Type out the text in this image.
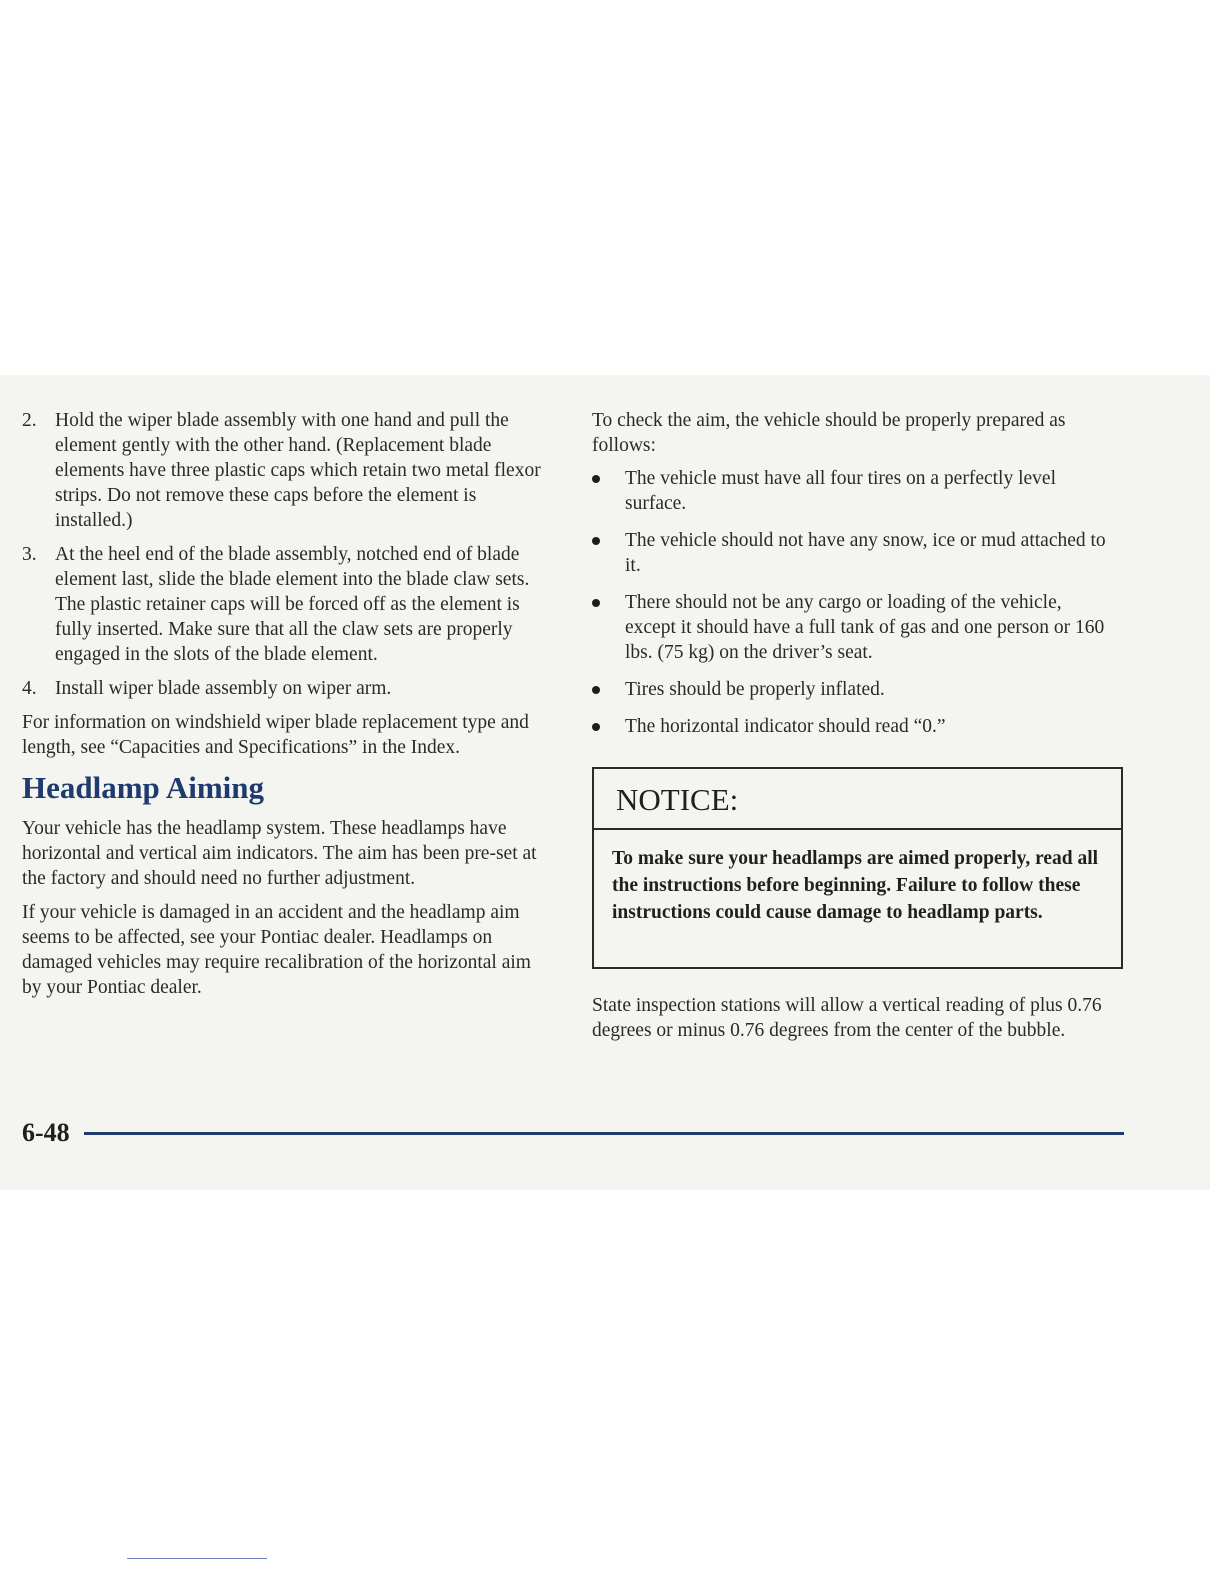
2. Hold the wiper blade assembly with one hand and pull the element gently with the other hand. (Replacement blade elements have three plastic caps which retain two metal flexor strips. Do not remove these caps before the element is installed.)
3. At the heel end of the blade assembly, notched end of blade element last, slide the blade element into the blade claw sets. The plastic retainer caps will be forced off as the element is fully inserted. Make sure that all the claw sets are properly engaged in the slots of the blade element.
4. Install wiper blade assembly on wiper arm.

For information on windshield wiper blade replacement type and length, see “Capacities and Specifications” in the Index.

Headlamp Aiming

Your vehicle has the headlamp system. These headlamps have horizontal and vertical aim indicators. The aim has been pre-set at the factory and should need no further adjustment.

If your vehicle is damaged in an accident and the headlamp aim seems to be affected, see your Pontiac dealer. Headlamps on damaged vehicles may require recalibration of the horizontal aim by your Pontiac dealer.

To check the aim, the vehicle should be properly prepared as follows:

The vehicle must have all four tires on a perfectly level surface.
The vehicle should not have any snow, ice or mud attached to it.
There should not be any cargo or loading of the vehicle, except it should have a full tank of gas and one person or 160 lbs. (75 kg) on the driver’s seat.
Tires should be properly inflated.
The horizontal indicator should read “0.”
NOTICE:
To make sure your headlamps are aimed properly, read all the instructions before beginning. Failure to follow these instructions could cause damage to headlamp parts.

State inspection stations will allow a vertical reading of plus 0.76 degrees or minus 0.76 degrees from the center of the bubble.

6-48
